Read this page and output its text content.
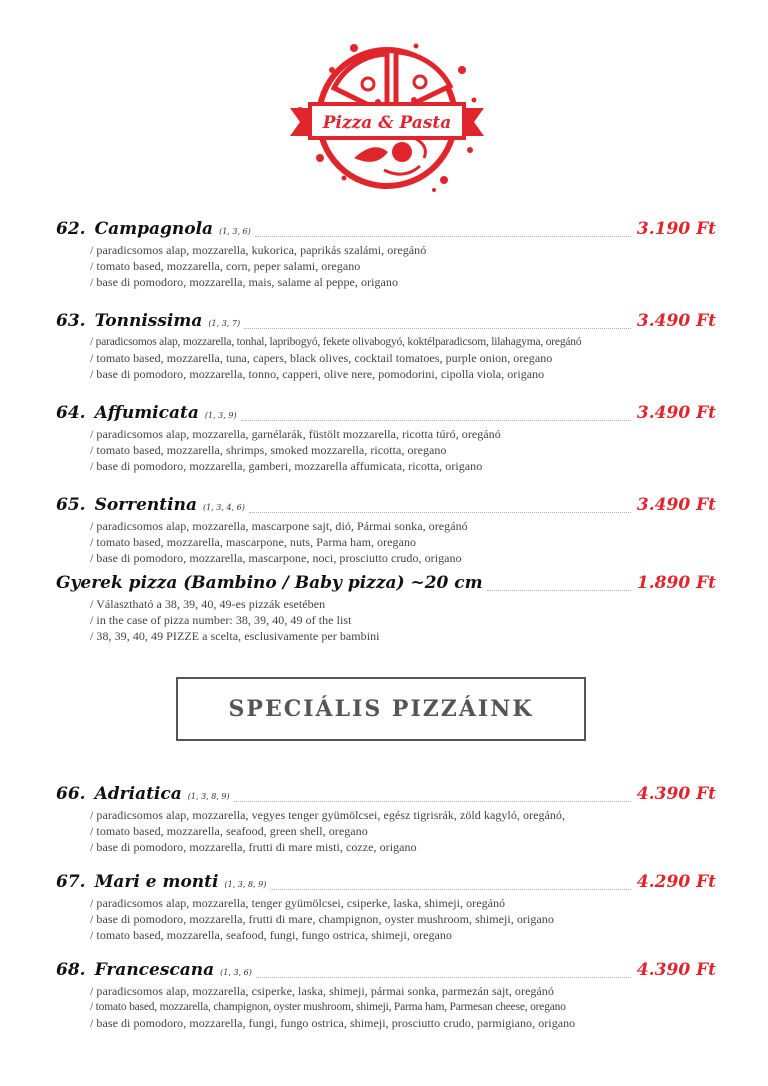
Pizza & Pasta
62. Campagnola (1, 3, 6)	3.190 Ft
/ paradicsomos alap, mozzarella, kukorica, paprikás szalámi, oregánó
/ tomato based, mozzarella, corn, peper salami, oregano
/ base di pomodoro, mozzarella, mais, salame al peppe, origano
63. Tonnissima (1, 3, 7)	3.490 Ft
/ paradicsomos alap, mozzarella, tonhal, lapribogyó, fekete olivabogyó, koktélparadicsom, lilahagyma, oregánó
/ tomato based, mozzarella, tuna, capers, black olives, cocktail tomatoes, purple onion, oregano
/ base di pomodoro, mozzarella, tonno, capperi, olive nere, pomodorini, cipolla viola, origano
64. Affumicata (1, 3, 9)	3.490 Ft
/ paradicsomos alap, mozzarella, garnélarák, füstölt mozzarella, ricotta túró, oregánó
/ tomato based, mozzarella, shrimps, smoked mozzarella, ricotta, oregano
/ base di pomodoro, mozzarella, gamberi, mozzarella affumicata, ricotta, origano
65. Sorrentina (1, 3, 4, 6)	3.490 Ft
/ paradicsomos alap, mozzarella, mascarpone sajt, dió, Pármai sonka, oregánó
/ tomato based, mozzarella, mascarpone, nuts, Parma ham, oregano
/ base di pomodoro, mozzarella, mascarpone, noci, prosciutto crudo, origano
Gyerek pizza (Bambino / Baby pizza) ~20 cm	1.890 Ft
/ Választható a 38, 39, 40, 49-es pizzák esetében
/ in the case of pizza number: 38, 39, 40, 49 of the list
/ 38, 39, 40, 49 PIZZE a scelta, esclusivamente per bambini
SPECIÁLIS PIZZÁINK
66. Adriatica (1, 3, 8, 9)	4.390 Ft
/ paradicsomos alap, mozzarella, vegyes tenger gyümölcsei, egész tigrisrák, zöld kagyló, oregánó,
/ tomato based, mozzarella, seafood, green shell, oregano
/ base di pomodoro, mozzarella, frutti di mare misti, cozze, origano
67. Mari e monti (1, 3, 8, 9)	4.290 Ft
/ paradicsomos alap, mozzarella, tenger gyümölcsei, csiperke, laska, shimeji, oregánó
/ base di pomodoro, mozzarella, frutti di mare, champignon, oyster mushroom, shimeji, origano
/ tomato based, mozzarella, seafood, fungi, fungo ostrica, shimeji, oregano
68. Francescana (1, 3, 6)	4.390 Ft
/ paradicsomos alap, mozzarella, csiperke, laska, shimeji, pármai sonka, parmezán sajt, oregánó
/ tomato based, mozzarella, champignon, oyster mushroom, shimeji, Parma ham, Parmesan cheese, oregano
/ base di pomodoro, mozzarella, fungi, fungo ostrica, shimeji, prosciutto crudo, parmigiano, origano
